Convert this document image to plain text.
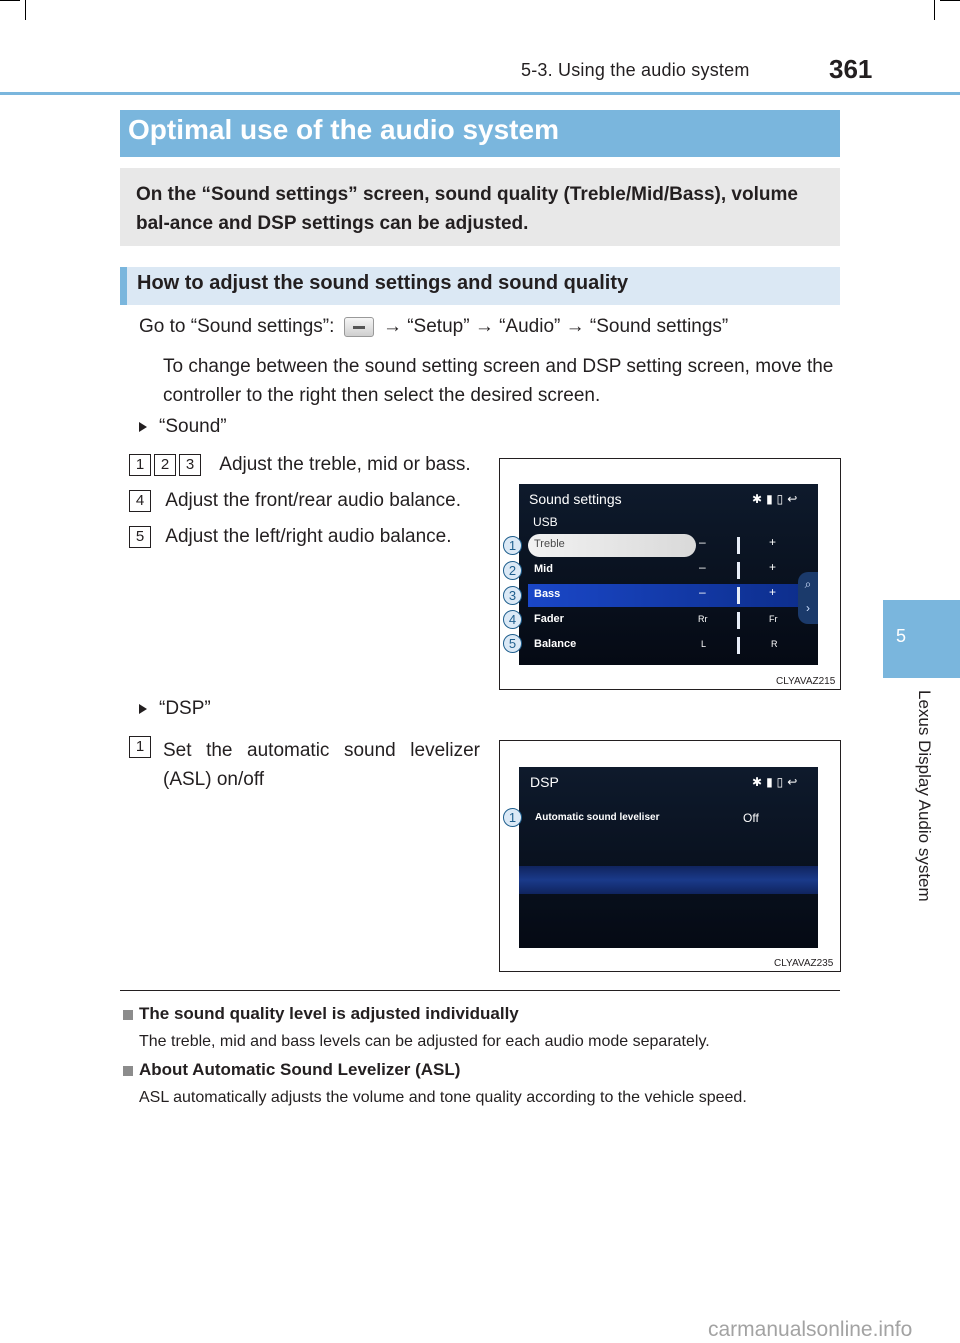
5-3. Using the audio system	361
5
Lexus Display Audio system
Optimal use of the audio system
On the “Sound settings” screen, sound quality (Treble/Mid/Bass), volume bal-ance and DSP settings can be adjusted.
How to adjust the sound settings and sound quality
Go to “Sound settings”:	→ “Setup” → “Audio” → “Sound settings”
To change between the sound setting screen and DSP setting screen, move the controller to the right then select the desired screen.
“Sound”
1 2 3 Adjust the treble, mid or bass.
4 Adjust the front/rear audio balance.
5 Adjust the left/right audio balance.
Sound settings	✱▮▯↩
USB
Treble	–	+
Mid	–	+
Bass	–	+
Fader	Rr	Fr
Balance	L	R
⌕
›
1
2
3
4
5
CLYAVAZ215
“DSP”
1 Set the automatic sound levelizer
(ASL) on/off	DSP	✱▮▯↩
Automatic sound leveliser	Off
1
CLYAVAZ235
The sound quality level is adjusted individually
The treble, mid and bass levels can be adjusted for each audio mode separately.
About Automatic Sound Levelizer (ASL)
ASL automatically adjusts the volume and tone quality according to the vehicle speed.
carmanualsonline.info
